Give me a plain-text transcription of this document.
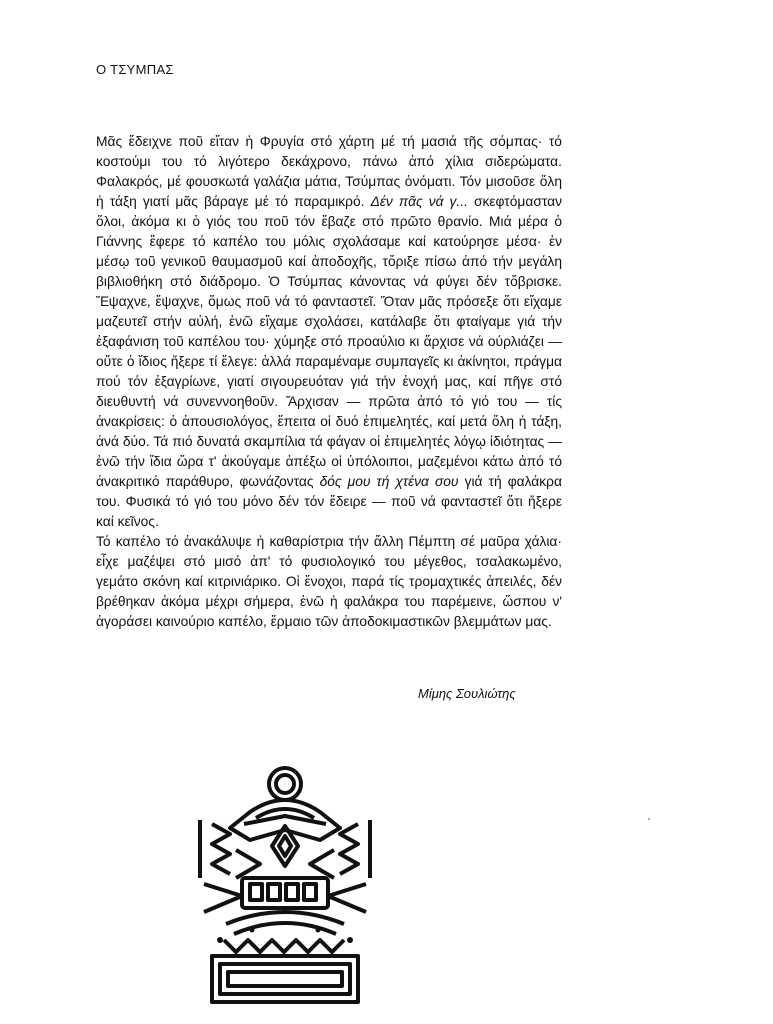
Ο ΤΣΥΜΠΑΣ

Μᾶς ἔδειχνε ποῦ εἴταν ἡ Φρυγία στό χάρτη μέ τή μασιά τῆς σόμπας· τό κοστούμι του τό λιγότερο δεκάχρονο, πάνω ἀπό χίλια σιδερώματα. Φαλακρός, μέ φουσκωτά γαλάζια μάτια, Τσύμπας ὀνόματι. Τόν μισοῦσε ὅλη ἡ τάξη γιατί μᾶς βάραγε μέ τό παραμικρό. Δέν πᾶς νά γ... σκεφτόμασταν ὅλοι, ἀκόμα κι ὁ γιός του ποῦ τόν ἔβαζε στό πρῶτο θρανίο. Μιά μέρα ὁ Γιάννης ἔφερε τό καπέλο του μόλις σχολάσαμε καί κατούρησε μέσα· ἐν μέσῳ τοῦ γενικοῦ θαυμασμοῦ καί ἀποδοχῆς, τὄριξε πίσω ἀπό τήν μεγάλη βιβλιοθήκη στό διάδρομο. Ὁ Τσύμπας κάνοντας νά φύγει δέν τὄβρισκε. Ἔψαχνε, ἔψαχνε, ὅμως ποῦ νά τό φανταστεῖ. Ὅταν μᾶς πρόσεξε ὅτι εἴχαμε μαζευτεῖ στήν αὐλή, ἐνῶ εἴχαμε σχολάσει, κατάλαβε ὅτι φταίγαμε γιά τήν ἐξαφάνιση τοῦ καπέλου του· χύμηξε στό προαύλιο κι ἄρχισε νά ούρλιάζει — οὔτε ὁ ἴδιος ἤξερε τί ἔλεγε: ἀλλά παραμέναμε συμπαγεῖς κι ἀκίνητοι, πράγμα πού τόν ἐξαγρίωνε, γιατί σιγουρευόταν γιά τήν ἐνοχή μας, καί πῆγε στό διευθυντή νά συνεννοηθοῦν. Ἄρχισαν — πρῶτα ἀπό τό γιό του — τίς ἀνακρίσεις: ὁ ἀπουσιολόγος, ἔπειτα οἱ δυό ἐπιμελητές, καί μετά ὅλη ἡ τάξη, ἀνά δύο. Τά πιό δυνατά σκαμπίλια τά φάγαν οἱ ἐπιμελητές λόγῳ ἰδιότητας — ἐνῶ τήν ἴδια ὥρα τ' ἀκούγαμε ἀπέξω οἱ ὑπόλοιποι, μαζεμένοι κάτω ἀπό τό ἀνακριτικό παράθυρο, φωνάζοντας δός μου τή χτένα σου γιά τή φαλάκρα του. Φυσικά τό γιό του μόνο δέν τόν ἔδειρε — ποῦ νά φανταστεῖ ὅτι ἤξερε καί κεῖνος.

Τό καπέλο τό ἀνακάλυψε ἡ καθαρίστρια τήν ἄλλη Πέμπτη σέ μαῦρα χάλια· εἶχε μαζέψει στό μισό ἀπ' τό φυσιολογικό του μέγεθος, τσαλακωμένο, γεμάτο σκόνη καί κιτρινιάρικο. Οἱ ἔνοχοι, παρά τίς τρομαχτικές ἀπειλές, δέν βρέθηκαν ἀκόμα μέχρι σήμερα, ἐνῶ ἡ φαλάκρα του παρέμεινε, ὥσπου ν' ἀγοράσει καινούριο καπέλο, ἕρμαιο τῶν ἀποδοκιμαστικῶν βλεμμάτων μας.

Μίμης Σουλιώτης
